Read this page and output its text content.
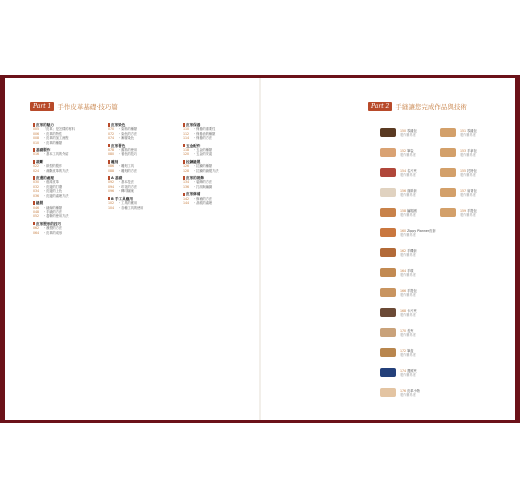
Part 1 手作皮革基礎·技巧篇
皮革的魅力
005 「皮革」是怎樣的材料
006 ・皮革的特性
008 ・皮革的加工流程
010 ・皮革的種類
基礎製作
016 ・基本工具的介紹
裁斷
022 ・紙型的製作
024 ・裁斷皮革的方法
皮邊的處理
030 ・削薄皮革
032 ・皮邊的打磨
034 ・皮邊的上色
036 ・皮邊的處理方法
縫製
046 ・縫線的種類
048 ・手縫的方法
052 ・菱斬的使用方法
皮革塑形的技巧
062 ・濕塑的方法
064 ・皮革的成形
皮革染色
070 ・染料的種類
072 ・染色的方法
074 ・漸層染色
皮革著色
078 ・顏料的使用
080 ・著色的技巧
雕刻
086 ・雕刻工具
088 ・雕刻的方法
A 基礎
092 ・基本技法
094 ・印花的方法
096 ・轉印圖案
B 手工具應用
102 ・工具的應用
104 ・各種工具的使用
皮革保養
110 ・保養的重要性
112 ・保養油的種類
114 ・保養的方法
五金配件
118 ・五金的種類
120 ・五金的安裝
拉鍊縫製
126 ・拉鍊的種類
128 ・拉鍊的縫製方法
皮革的裝飾
134 ・裝飾的方法
136 ・打洞與編織
皮革修補
142 ・修補的方法
144 ・刮痕的處理
Part 2 手縫讓您完成作品與技術
150 零錢包
製作難易度
152 筆袋
製作難易度
154 名片夾
製作難易度
156 面紙套
製作難易度
158 鑰匙圈
製作難易度
160 Zippy Planner皮套
製作難易度
162 手機套
製作難易度
164 手環
製作難易度
166 手提包
製作難易度
168 卡片夾
製作難易度
170 長夾
製作難易度
172 筆盒
製作難易度
174 護照夾
製作難易度
176 皮革小物
製作難易度
151 零錢包
製作難易度
153 手拿包
製作難易度
155 托特包
製作難易度
157 肩背包
製作難易度
159 手提包
製作難易度
